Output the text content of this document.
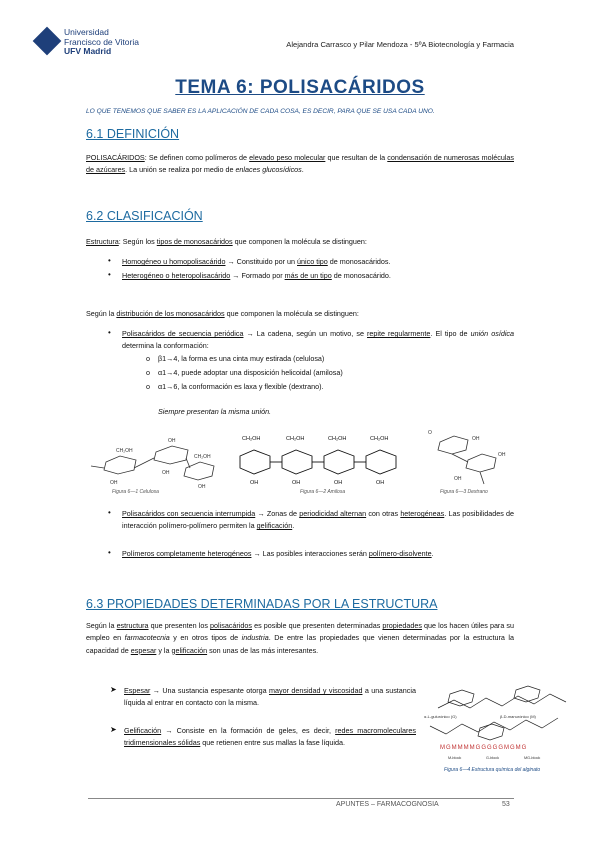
Universidad
Francisco de Vitoria
UFV Madrid
Alejandra Carrasco y Pilar Mendoza - 5ºA Biotecnología y Farmacia
TEMA 6: POLISACÁRIDOS
LO QUE TENEMOS QUE SABER ES LA APLICACIÓN DE CADA COSA, ES DECIR, PARA QUE SE USA CADA UNO.
6.1 DEFINICIÓN
POLISACÁRIDOS: Se definen como polímeros de elevado peso molecular que resultan de la condensación de numerosas moléculas de azúcares. La unión se realiza por medio de enlaces glucosídicos.
6.2 CLASIFICACIÓN
Estructura: Según los tipos de monosacáridos que componen la molécula se distinguen:
• Homogéneo u homopolisacárido → Constituido por un único tipo de monosacáridos.
• Heterogéneo o heteropolisacárido → Formado por más de un tipo de monosacárido.
Según la distribución de los monosacáridos que componen la molécula se distinguen:
• Polisacáridos de secuencia periódica → La cadena, según un motivo, se repite regularmente. El tipo de unión osídica determina la conformación:
o β1→4, la forma es una cinta muy estirada (celulosa)
o α1→4, puede adoptar una disposición helicoidal (amilosa)
o α1→6, la conformación es laxa y flexible (dextrano).
Siempre presentan la misma unión.
CH₂OH
OH
CH₂OH
OH
OH
OH
Figura 6—1 Celulosa
CH₂OH	CH₂OH	CH₂OH	CH₂OH
OH	OH	OH	OH
Figura 6—2 Amilosa
O
OH
OH
OH
Figura 6—3 Dextrano
• Polisacáridos con secuencia interrumpida → Zonas de periodicidad alternan con otras heterogéneas. Las posibilidades de interacción polímero-polímero permiten la gelificación.
• Polímeros completamente heterogéneos → Las posibles interacciones serán polímero-disolvente.
6.3 PROPIEDADES DETERMINADAS POR LA ESTRUCTURA
Según la estructura que presenten los polisacáridos es posible que presenten determinadas propiedades que los hacen útiles para su empleo en farmacotecnia y en otros tipos de industria. De entre las propiedades que vienen determinadas por la estructura la capacidad de espesar y la gelificación son unas de las más interesantes.
➤ Espesar → Una sustancia espesante otorga mayor densidad y viscosidad a una sustancia líquida al entrar en contacto con la misma.
➤ Gelificación → Consiste en la formación de geles, es decir, redes macromoleculares tridimensionales sólidas que retienen entre sus mallas la fase líquida.
α-L-gulurónico (G)	β-D-manurónico (M)
MGMMMMGGGGGMGMG
M-block	G-block	MG-block
Figura 6—4 Estructura química del alginato
APUNTES – FARMACOGNOSIA	53
